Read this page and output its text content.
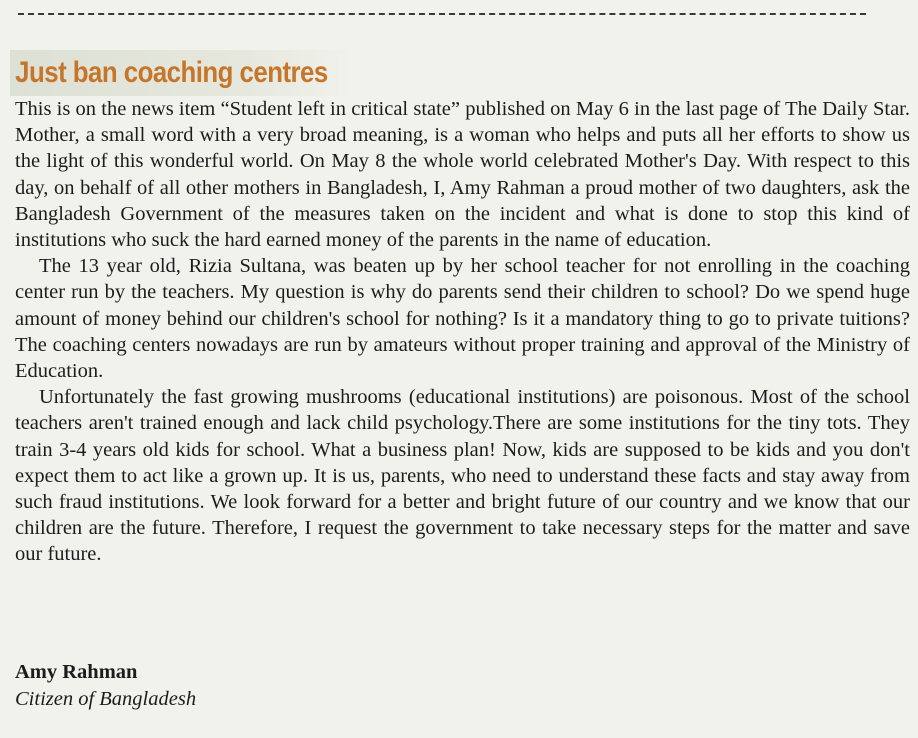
Just ban coaching centres

This is on the news item “Student left in critical state” published on May 6 in the last page of The Daily Star. Mother, a small word with a very broad meaning, is a woman who helps and puts all her efforts to show us the light of this wonderful world. On May 8 the whole world celebrated Mother's Day. With respect to this day, on behalf of all other mothers in Bangladesh, I, Amy Rahman a proud mother of two daughters, ask the Bangladesh Government of the measures taken on the incident and what is done to stop this kind of institutions who suck the hard earned money of the parents in the name of education.

The 13 year old, Rizia Sultana, was beaten up by her school teacher for not enrolling in the coaching center run by the teachers. My question is why do parents send their children to school? Do we spend huge amount of money behind our children's school for nothing? Is it a mandatory thing to go to private tuitions? The coaching centers nowadays are run by amateurs without proper training and approval of the Ministry of Education.

Unfortunately the fast growing mushrooms (educational institutions) are poisonous. Most of the school teachers aren't trained enough and lack child psychology.There are some institutions for the tiny tots. They train 3-4 years old kids for school. What a business plan! Now, kids are supposed to be kids and you don't expect them to act like a grown up. It is us, parents, who need to understand these facts and stay away from such fraud institutions. We look forward for a better and bright future of our country and we know that our children are the future. Therefore, I request the government to take necessary steps for the matter and save our future.

Amy Rahman

Citizen of Bangladesh
